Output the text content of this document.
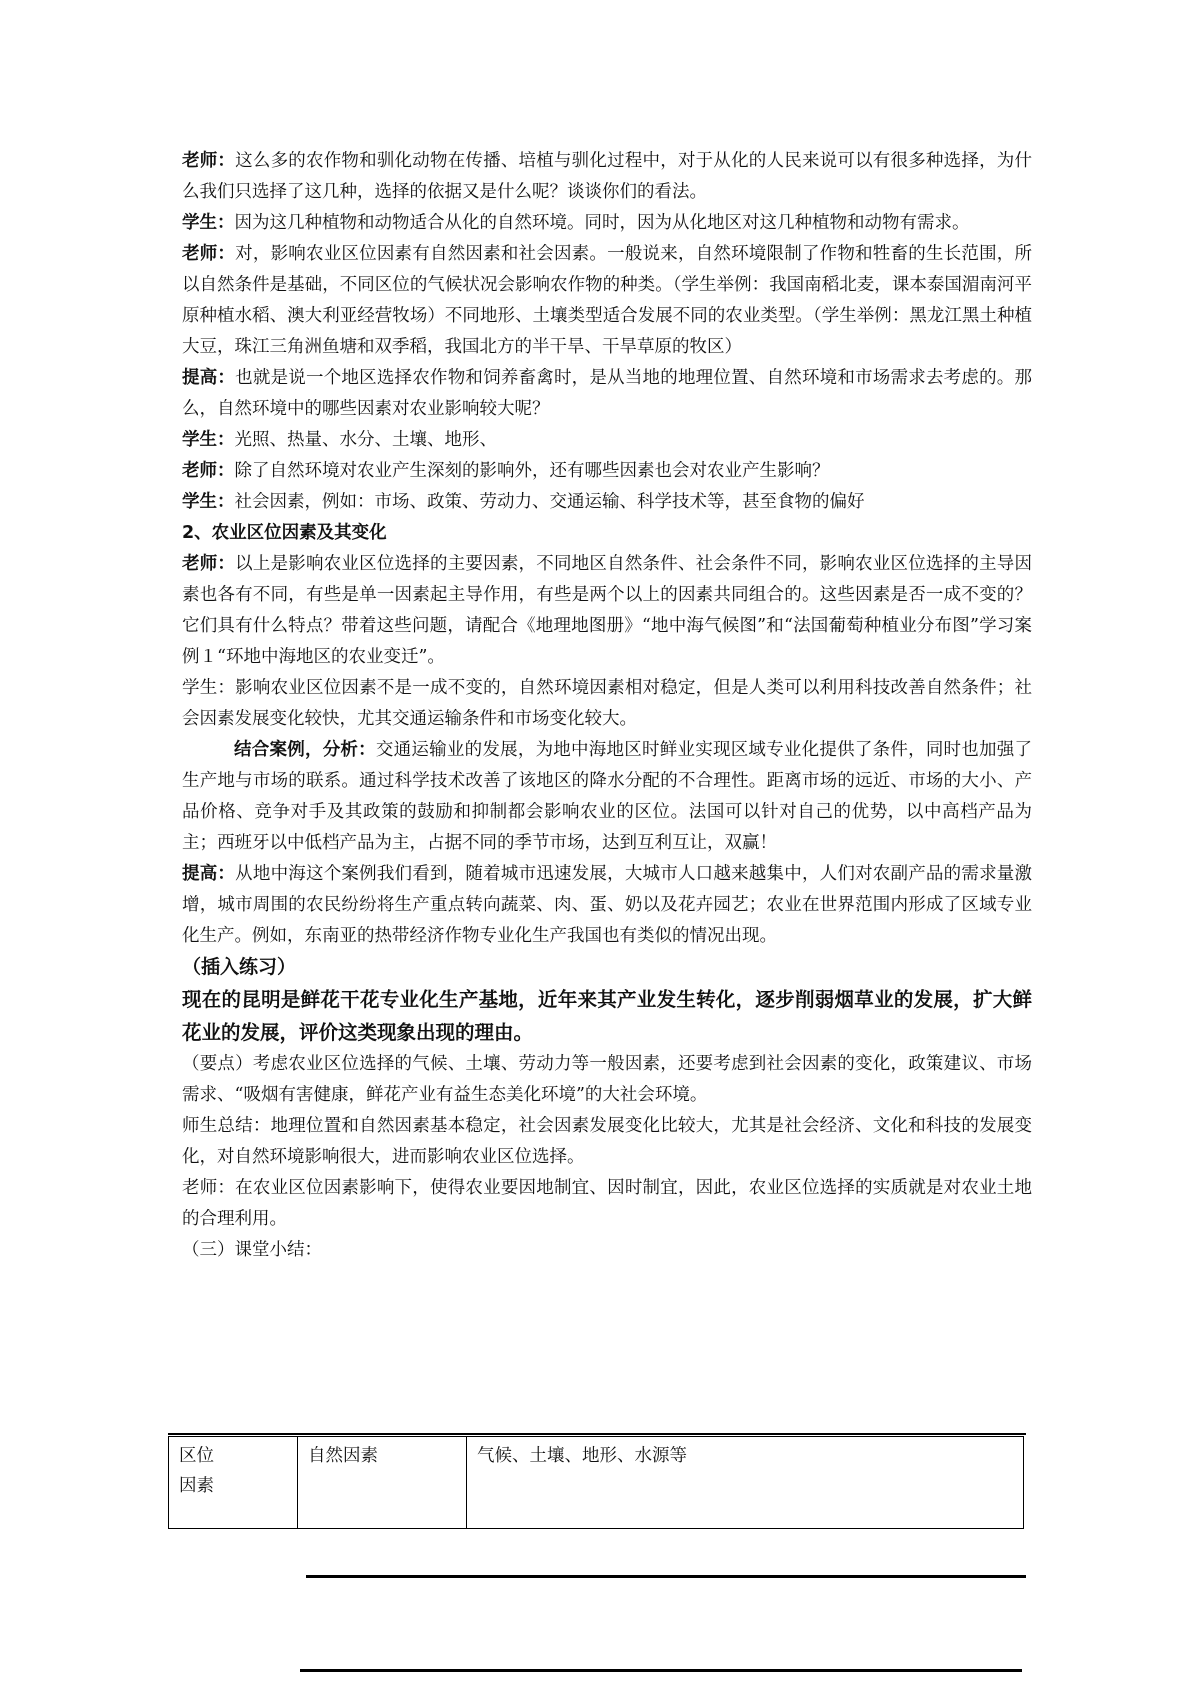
老师：这么多的农作物和驯化动物在传播、培植与驯化过程中，对于从化的人民来说可以有很多种选择，为什么我们只选择了这几种，选择的依据又是什么呢？谈谈你们的看法。

学生：因为这几种植物和动物适合从化的自然环境。同时，因为从化地区对这几种植物和动物有需求。

老师：对，影响农业区位因素有自然因素和社会因素。一般说来，自然环境限制了作物和牲畜的生长范围，所以自然条件是基础，不同区位的气候状况会影响农作物的种类。（学生举例：我国南稻北麦，课本泰国湄南河平原种植水稻、澳大利亚经营牧场）不同地形、土壤类型适合发展不同的农业类型。（学生举例：黑龙江黑土种植大豆，珠江三角洲鱼塘和双季稻，我国北方的半干旱、干旱草原的牧区）

提高：也就是说一个地区选择农作物和饲养畜禽时，是从当地的地理位置、自然环境和市场需求去考虑的。那么，自然环境中的哪些因素对农业影响较大呢？

学生：光照、热量、水分、土壤、地形、

老师：除了自然环境对农业产生深刻的影响外，还有哪些因素也会对农业产生影响？

学生：社会因素，例如：市场、政策、劳动力、交通运输、科学技术等，甚至食物的偏好

2、农业区位因素及其变化

老师：以上是影响农业区位选择的主要因素，不同地区自然条件、社会条件不同，影响农业区位选择的主导因素也各有不同，有些是单一因素起主导作用，有些是两个以上的因素共同组合的。这些因素是否一成不变的？它们具有什么特点？带着这些问题，请配合《地理地图册》“地中海气候图”和“法国葡萄种植业分布图”学习案例１“环地中海地区的农业变迁”。

学生：影响农业区位因素不是一成不变的，自然环境因素相对稳定，但是人类可以利用科技改善自然条件；社会因素发展变化较快，尤其交通运输条件和市场变化较大。

结合案例，分析：交通运输业的发展，为地中海地区时鲜业实现区域专业化提供了条件，同时也加强了生产地与市场的联系。通过科学技术改善了该地区的降水分配的不合理性。距离市场的远近、市场的大小、产品价格、竞争对手及其政策的鼓励和抑制都会影响农业的区位。法国可以针对自己的优势，以中高档产品为主；西班牙以中低档产品为主，占据不同的季节市场，达到互利互让，双赢！

提高：从地中海这个案例我们看到，随着城市迅速发展，大城市人口越来越集中，人们对农副产品的需求量激增，城市周围的农民纷纷将生产重点转向蔬菜、肉、蛋、奶以及花卉园艺；农业在世界范围内形成了区域专业化生产。例如，东南亚的热带经济作物专业化生产我国也有类似的情况出现。

（插入练习）

现在的昆明是鲜花干花专业化生产基地，近年来其产业发生转化，逐步削弱烟草业的发展，扩大鲜花业的发展，评价这类现象出现的理由。

（要点）考虑农业区位选择的气候、土壤、劳动力等一般因素，还要考虑到社会因素的变化，政策建议、市场需求、“吸烟有害健康，鲜花产业有益生态美化环境”的大社会环境。

师生总结：地理位置和自然因素基本稳定，社会因素发展变化比较大，尤其是社会经济、文化和科技的发展变化，对自然环境影响很大，进而影响农业区位选择。

老师：在农业区位因素影响下，使得农业要因地制宜、因时制宜，因此，农业区位选择的实质就是对农业土地的合理利用。

（三）课堂小结：

区位
因素	自然因素	气候、土壤、地形、水源等
